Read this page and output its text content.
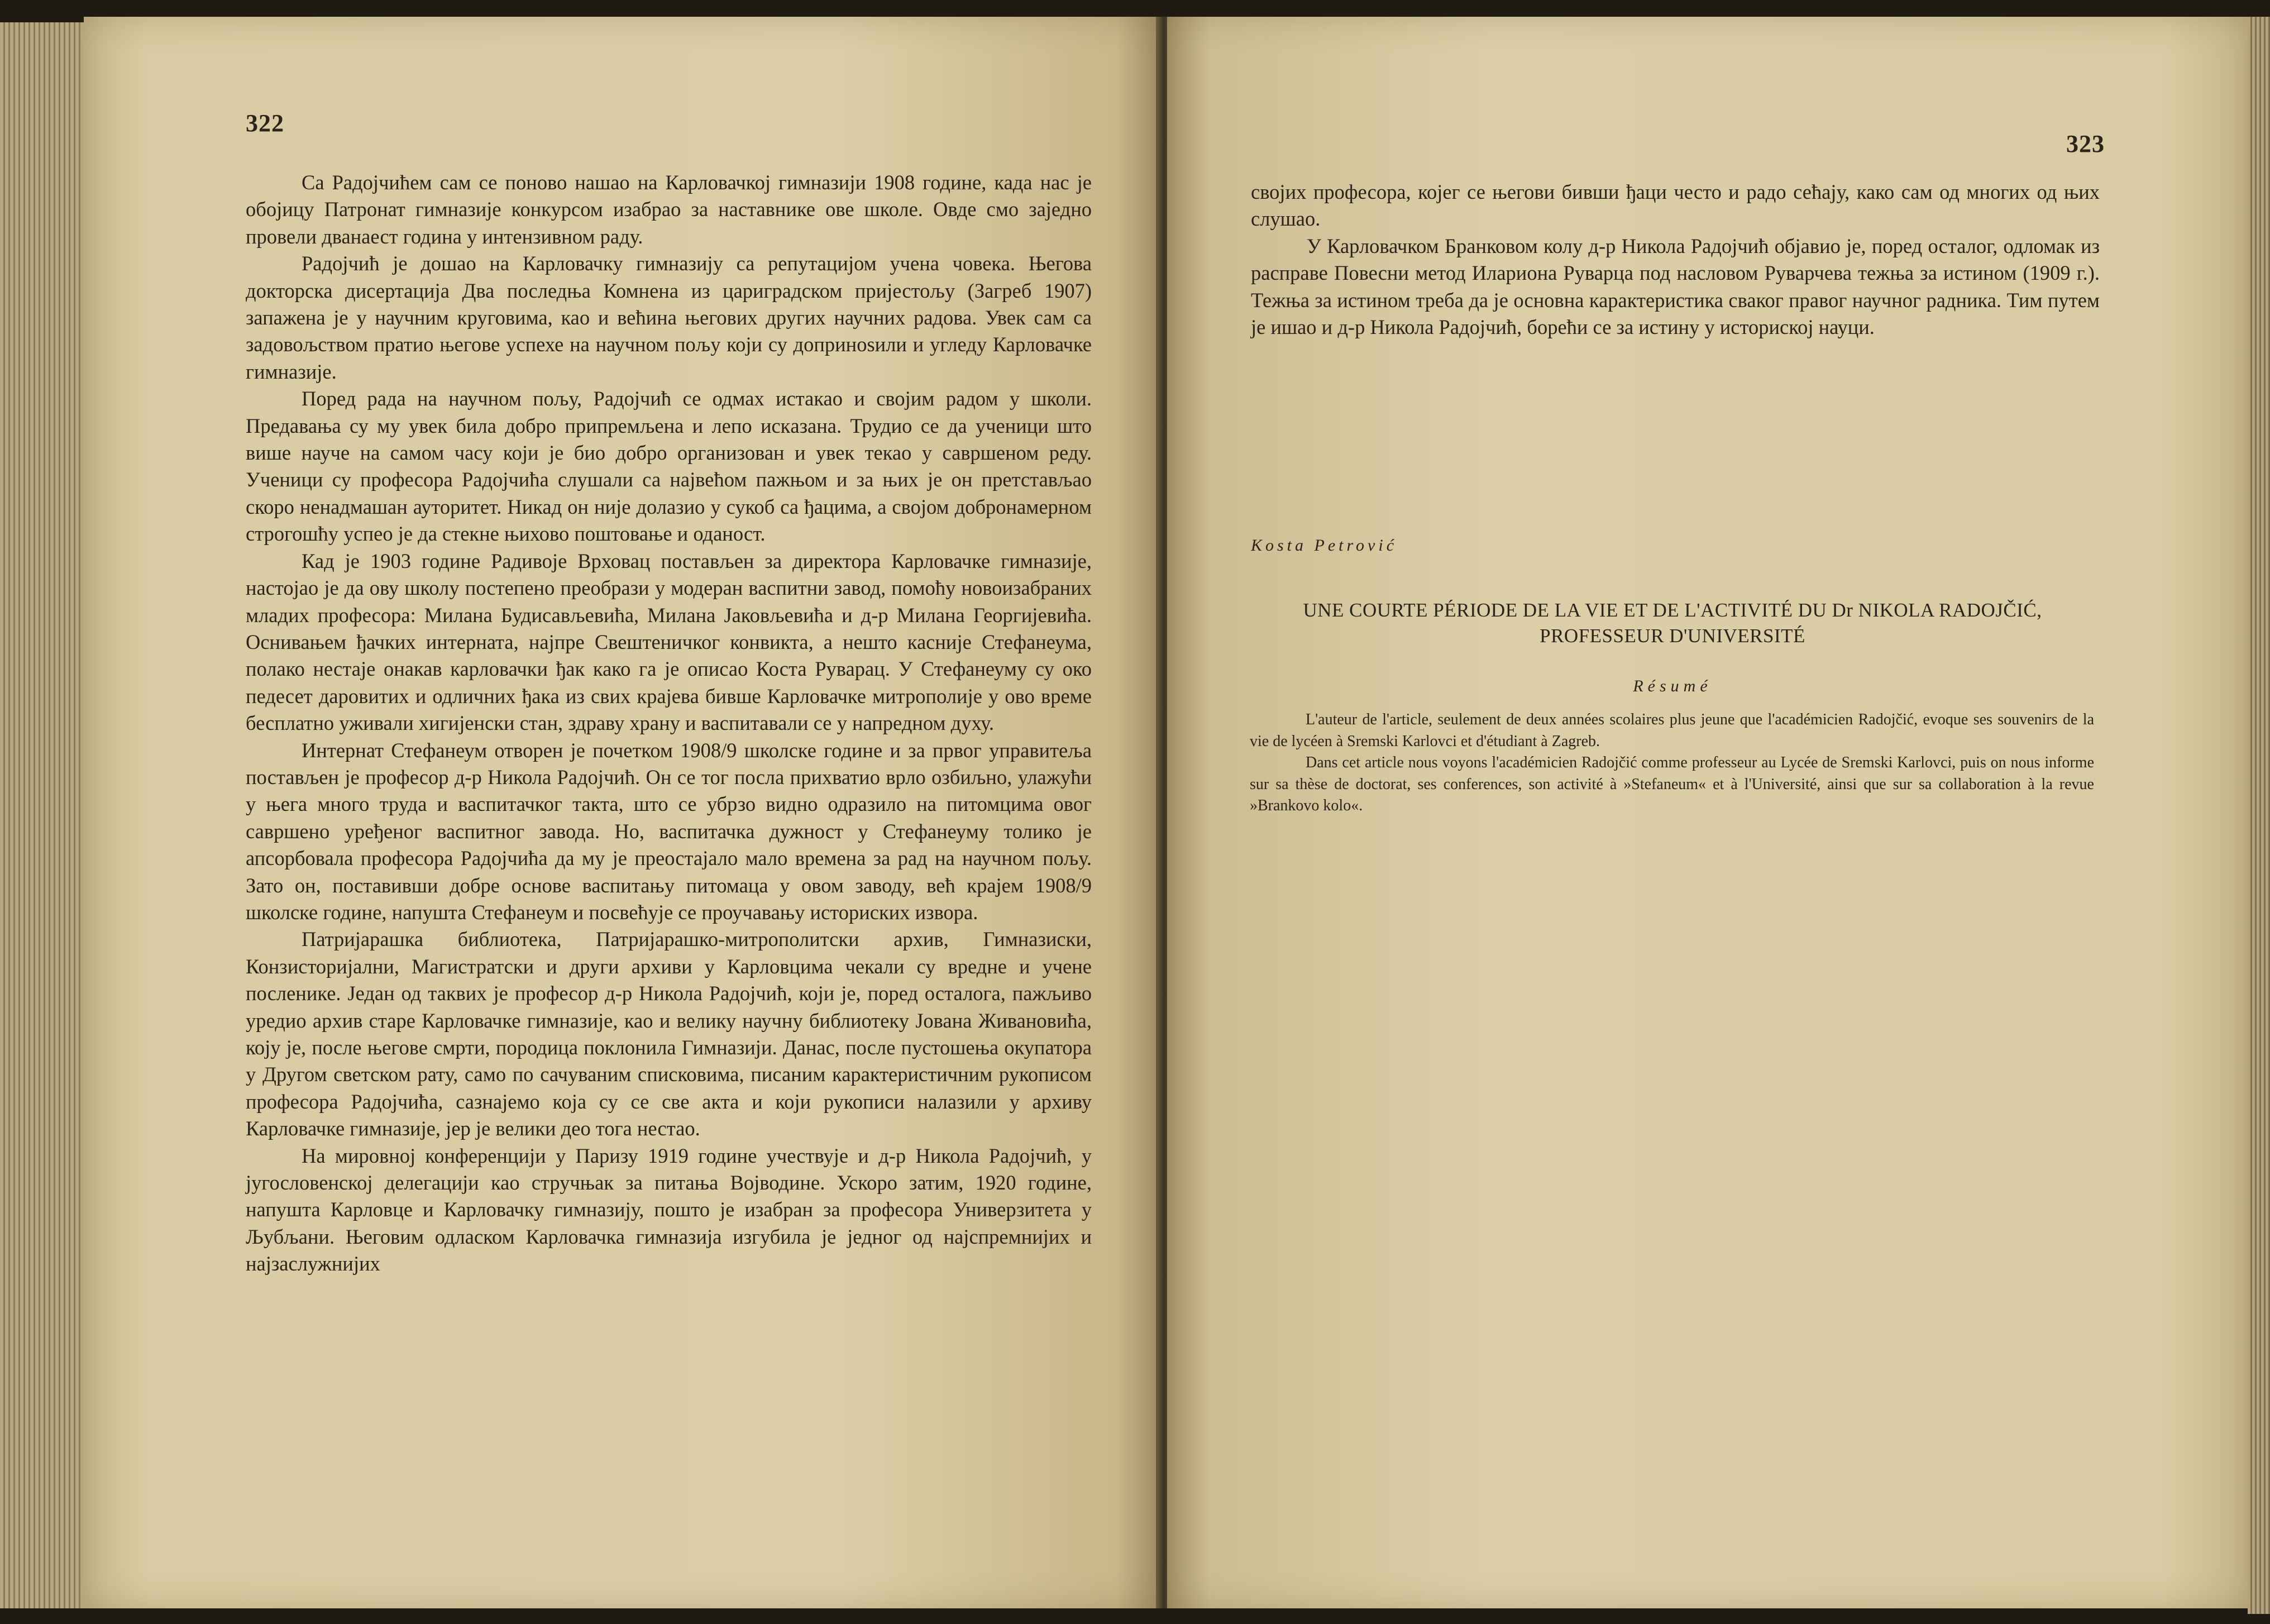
322

Са Радојчићем сам се поново нашао на Карловачкој гимназији 1908 године, када нас је обојицу Патронат гимназије конкурсом изабрао за наставнике ове школе. Овде смо заједно провели дванаест година у интензивном раду.

Радојчић је дошао на Карловачку гимназију са репутацијом учена човека. Његова докторска дисертација Два последња Комнена из цариградском пријестољу (Загреб 1907) запажена је у научним круговима, као и већина његових других научних радова. Увек сам са задовољством пратио његове успехе на научном пољу који су допринosили и угледу Карловачке гимназије.

Поред рада на научном пољу, Радојчић се одмах истакао и својим радом у школи. Предавања су му увек била добро припремљена и лепо искaзана. Трудио се да ученици што више науче на самом часу који је био добро организован и увек текао у савршеном реду. Ученици су професора Радојчића слушали са највећом пажњом и за њих је он претстављао скоро ненадмашан ауторитет. Никад он није долазио у сукоб са ђацима, а својом добронамерном строгошћу успео је да стекне њихово поштовање и оданост.

Кад је 1903 године Радивоје Врховац постављен за директора Карловачке гимназије, настојао је да ову школу постепено преобрази у модеран васпитни завод, помоћу новоизабраних младих професора: Милана Будисављевића, Милана Јаковљевића и д-р Милана Георгијевића. Оснивањем ђачких интерната, најпре Свештеничког конвикта, а нешто касније Стефанеума, полако нестаје онакав карловачки ђак како га је описао Коста Руварац. У Стефанеуму су око педесет даровитих и одличних ђака из свих крајева бивше Карловачке митрополије у ово време бесплатно уживали хигијенски стан, здраву храну и васпитавали се у напредном духу.

Интернат Стефанеум отворен је почетком 1908/9 школске године и за првог управитеља постављен је професор д-р Никола Радојчић. Он се тог посла прихватио врло озбиљно, улажући у њега много труда и васпитачког такта, што се убрзо видно одразило на питомцима овог савршено уређеног васпитног завода. Но, васпитачка дужност у Стефанеуму толико је апсорбовала професора Радојчића да му је преостајало мало времена за рад на научном пољу. Зато он, поставивши добре основе васпитању питомаца у овом заводу, већ крајем 1908/9 школске године, напушта Стефанеум и посвећује се проучавању историских извора.

Патријарашка библиотека, Патријарашко-митрополитски архив, Гимназиски, Конзисторијални, Магистратски и други архиви у Карловцима чекали су вредне и учене посленике. Један од таквих је професор д-р Никола Радојчић, који је, поред осталога, пажљиво уредио архив старе Карловачке гимназије, као и велику научну библиотеку Јована Живановића, коју је, после његове смрти, породица поклонила Гимназији. Данас, после пустошења окупатора у Другом светском рату, само по сачуваним списковима, писаним карактеристичним рукописом професора Радојчића, сазнајемо која су се све акта и који рукописи налазили у архиву Карловачке гимназије, јер је велики део тога нестао.

На мировној конференцији у Паризу 1919 године учествује и д-р Никола Радојчић, у југословенској делегацији као стручњак за питања Војводине. Ускоро затим, 1920 године, напушта Карловце и Карловачку гимназију, пошто је изабран за професора Универзитета у Љубљани. Његовим одласком Карловачка гимназија изгубила је једног од најспремнијих и најзаслужнијих

323

својих професора, којег се његови бивши ђаци често и радо сећају, како сам од многих од њих слушао.

У Карловачком Бранковом колу д-р Никола Радојчић објавио је, поред осталог, одломак из расправе Повесни метод Илариона Руварца под насловом Руварчева тежња за истином (1909 г.). Тежња за истином треба да је основна карактеристика сваког правог научног радника. Тим путем је ишао и д-р Никола Радојчић, борећи се за истину у историској науци.

Kosta Petrović
UNE COURTE PÉRIODE DE LA VIE ET DE L'ACTIVITÉ DU Dr NIKOLA RADOJČIĆ,
PROFESSEUR D'UNIVERSITÉ
Résumé

L'auteur de l'article, seulement de deux années scolaires plus jeune que l'académicien Radojčić, evoque ses souvenirs de la vie de lycéen à Sremski Karlovci et d'étudiant à Zagreb.

Dans cet article nous voyons l'académicien Radojčić comme professeur au Lycée de Sremski Karlovci, puis on nous informe sur sa thèse de doctorat, ses conferences, son activité à »Stefaneum« et à l'Université, ainsi que sur sa collaboration à la revue »Brankovo kolo«.
